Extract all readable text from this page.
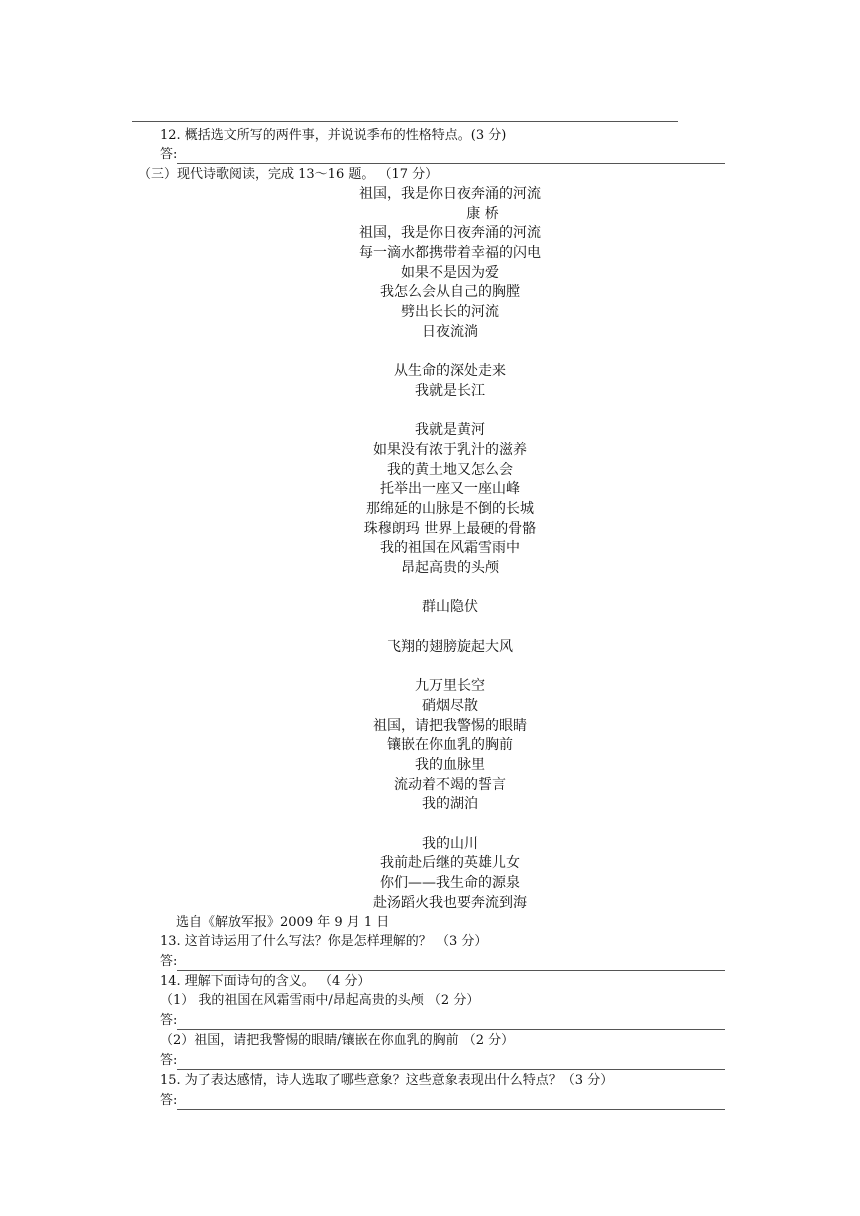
12. 概括选文所写的两件事，并说说季布的性格特点。(3 分)
答:
（三）现代诗歌阅读，完成 13～16 题。 （17 分）
祖国，我是你日夜奔涌的河流
康 桥
祖国，我是你日夜奔涌的河流
每一滴水都携带着幸福的闪电
如果不是因为爱
我怎么会从自己的胸膛
劈出长长的河流
日夜流淌
从生命的深处走来
我就是长江
我就是黄河
如果没有浓于乳汁的滋养
我的黄土地又怎么会
托举出一座又一座山峰
那绵延的山脉是不倒的长城
珠穆朗玛 世界上最硬的骨骼
我的祖国在风霜雪雨中
昂起高贵的头颅
群山隐伏
飞翔的翅膀旋起大风
九万里长空
硝烟尽散
祖国，请把我警惕的眼睛
镶嵌在你血乳的胸前
我的血脉里
流动着不竭的誓言
我的湖泊
我的山川
我前赴后继的英雄儿女
你们——我生命的源泉
赴汤蹈火我也要奔流到海
选自《解放军报》2009 年 9 月 1 日
13. 这首诗运用了什么写法？你是怎样理解的？ （3 分）
答:
14. 理解下面诗句的含义。 （4 分）
（1） 我的祖国在风霜雪雨中/昂起高贵的头颅 （2 分）
答:
（2）祖国，请把我警惕的眼睛/镶嵌在你血乳的胸前 （2 分）
答:
15. 为了表达感情，诗人选取了哪些意象？这些意象表现出什么特点？（3 分）
答:
